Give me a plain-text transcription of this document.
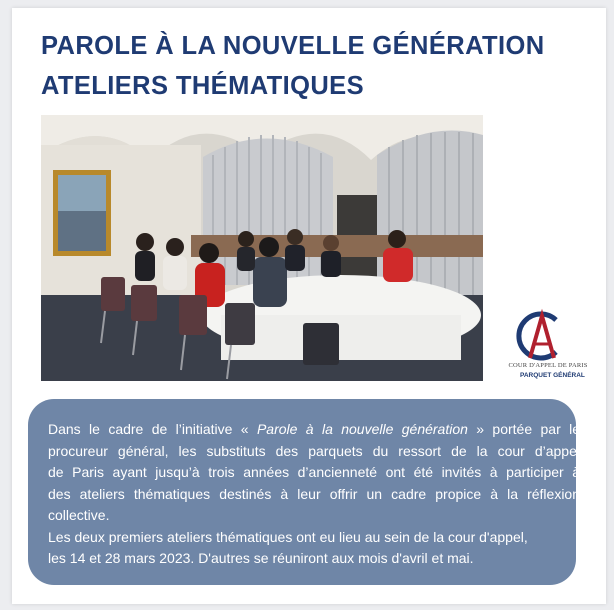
PAROLE À LA NOUVELLE GÉNÉRATION
ATELIERS THÉMATIQUES
COUR D'APPEL DE PARIS
PARQUET GÉNÉRAL

Dans le cadre de l’initiative « Parole à la nouvelle génération » portée par le
procureur général, les substituts des parquets du ressort de la cour d’appel
de Paris ayant jusqu’à trois années d’ancienneté ont été invités à participer à
des ateliers thématiques destinés à leur offrir un cadre propice à la réflexion
collective.

Les deux premiers ateliers thématiques ont eu lieu au sein de la cour d'appel,
les 14 et 28 mars 2023. D'autres se réuniront aux mois d'avril et mai.
